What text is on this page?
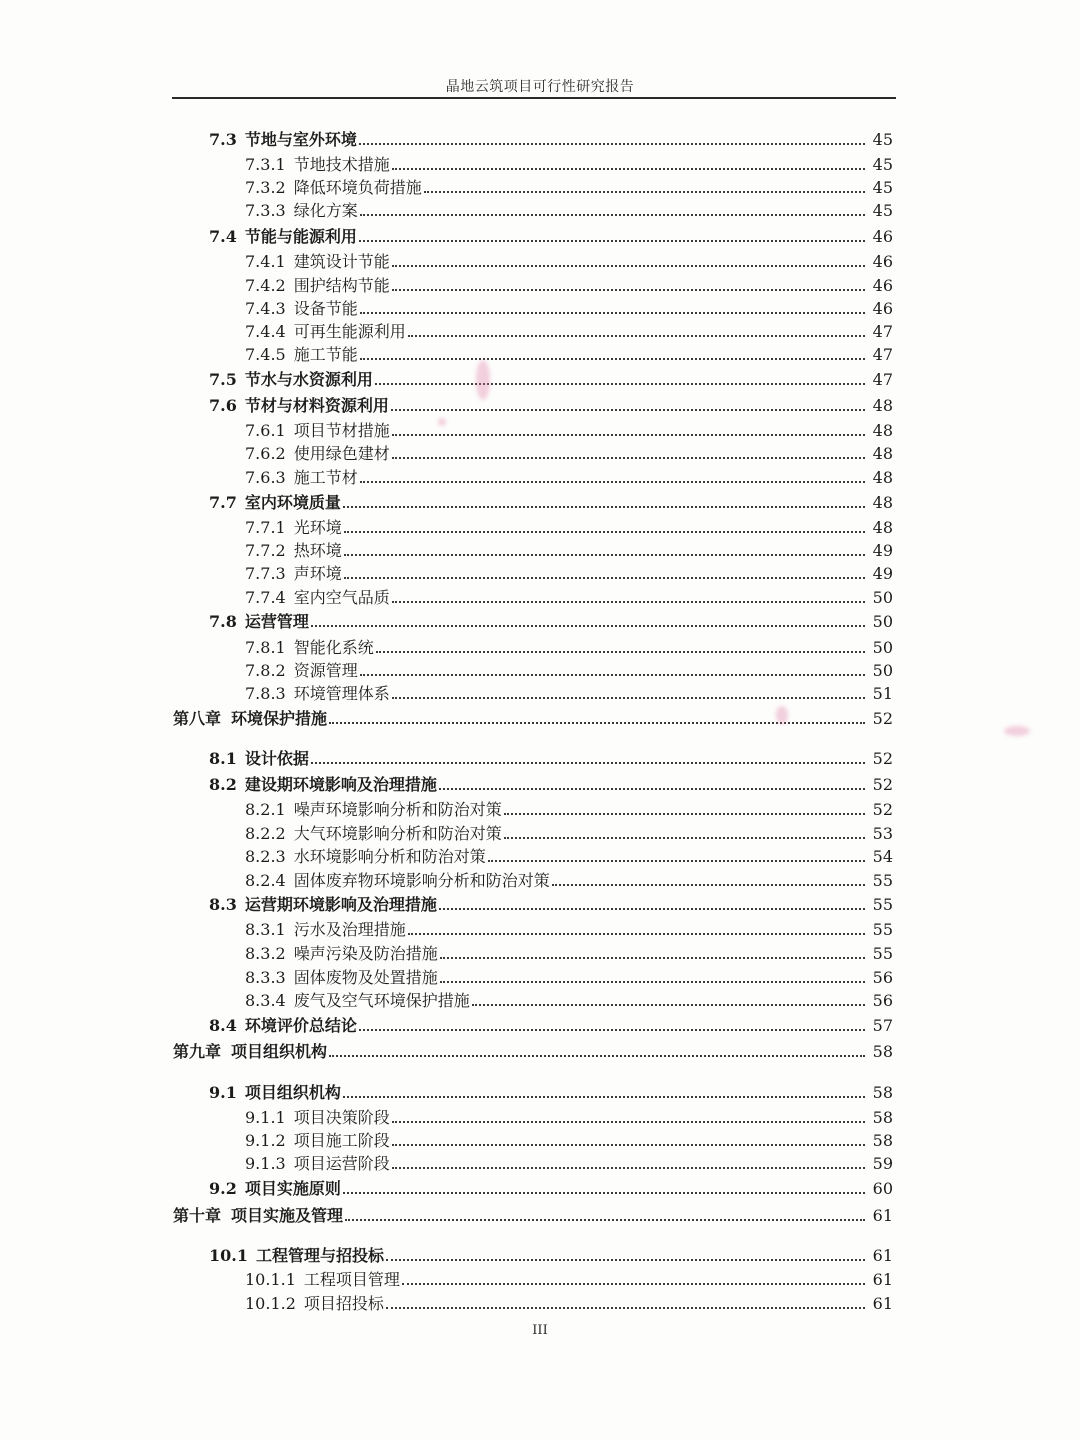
晶地云筑项目可行性研究报告
7.3 节地与室外环境	45
7.3.1 节地技术措施	45
7.3.2 降低环境负荷措施	45
7.3.3 绿化方案	45
7.4 节能与能源利用	46
7.4.1 建筑设计节能	46
7.4.2 围护结构节能	46
7.4.3 设备节能	46
7.4.4 可再生能源利用	47
7.4.5 施工节能	47
7.5 节水与水资源利用	47
7.6 节材与材料资源利用	48
7.6.1 项目节材措施	48
7.6.2 使用绿色建材	48
7.6.3 施工节材	48
7.7 室内环境质量	48
7.7.1 光环境	48
7.7.2 热环境	49
7.7.3 声环境	49
7.7.4 室内空气品质	50
7.8 运营管理	50
7.8.1 智能化系统	50
7.8.2 资源管理	50
7.8.3 环境管理体系	51
第八章 环境保护措施	52
8.1 设计依据	52
8.2 建设期环境影响及治理措施	52
8.2.1 噪声环境影响分析和防治对策	52
8.2.2 大气环境影响分析和防治对策	53
8.2.3 水环境影响分析和防治对策	54
8.2.4 固体废弃物环境影响分析和防治对策	55
8.3 运营期环境影响及治理措施	55
8.3.1 污水及治理措施	55
8.3.2 噪声污染及防治措施	55
8.3.3 固体废物及处置措施	56
8.3.4 废气及空气环境保护措施	56
8.4 环境评价总结论	57
第九章 项目组织机构	58
9.1 项目组织机构	58
9.1.1 项目决策阶段	58
9.1.2 项目施工阶段	58
9.1.3 项目运营阶段	59
9.2 项目实施原则	60
第十章 项目实施及管理	61
10.1 工程管理与招投标	61
10.1.1 工程项目管理	61
10.1.2 项目招投标	61
III
